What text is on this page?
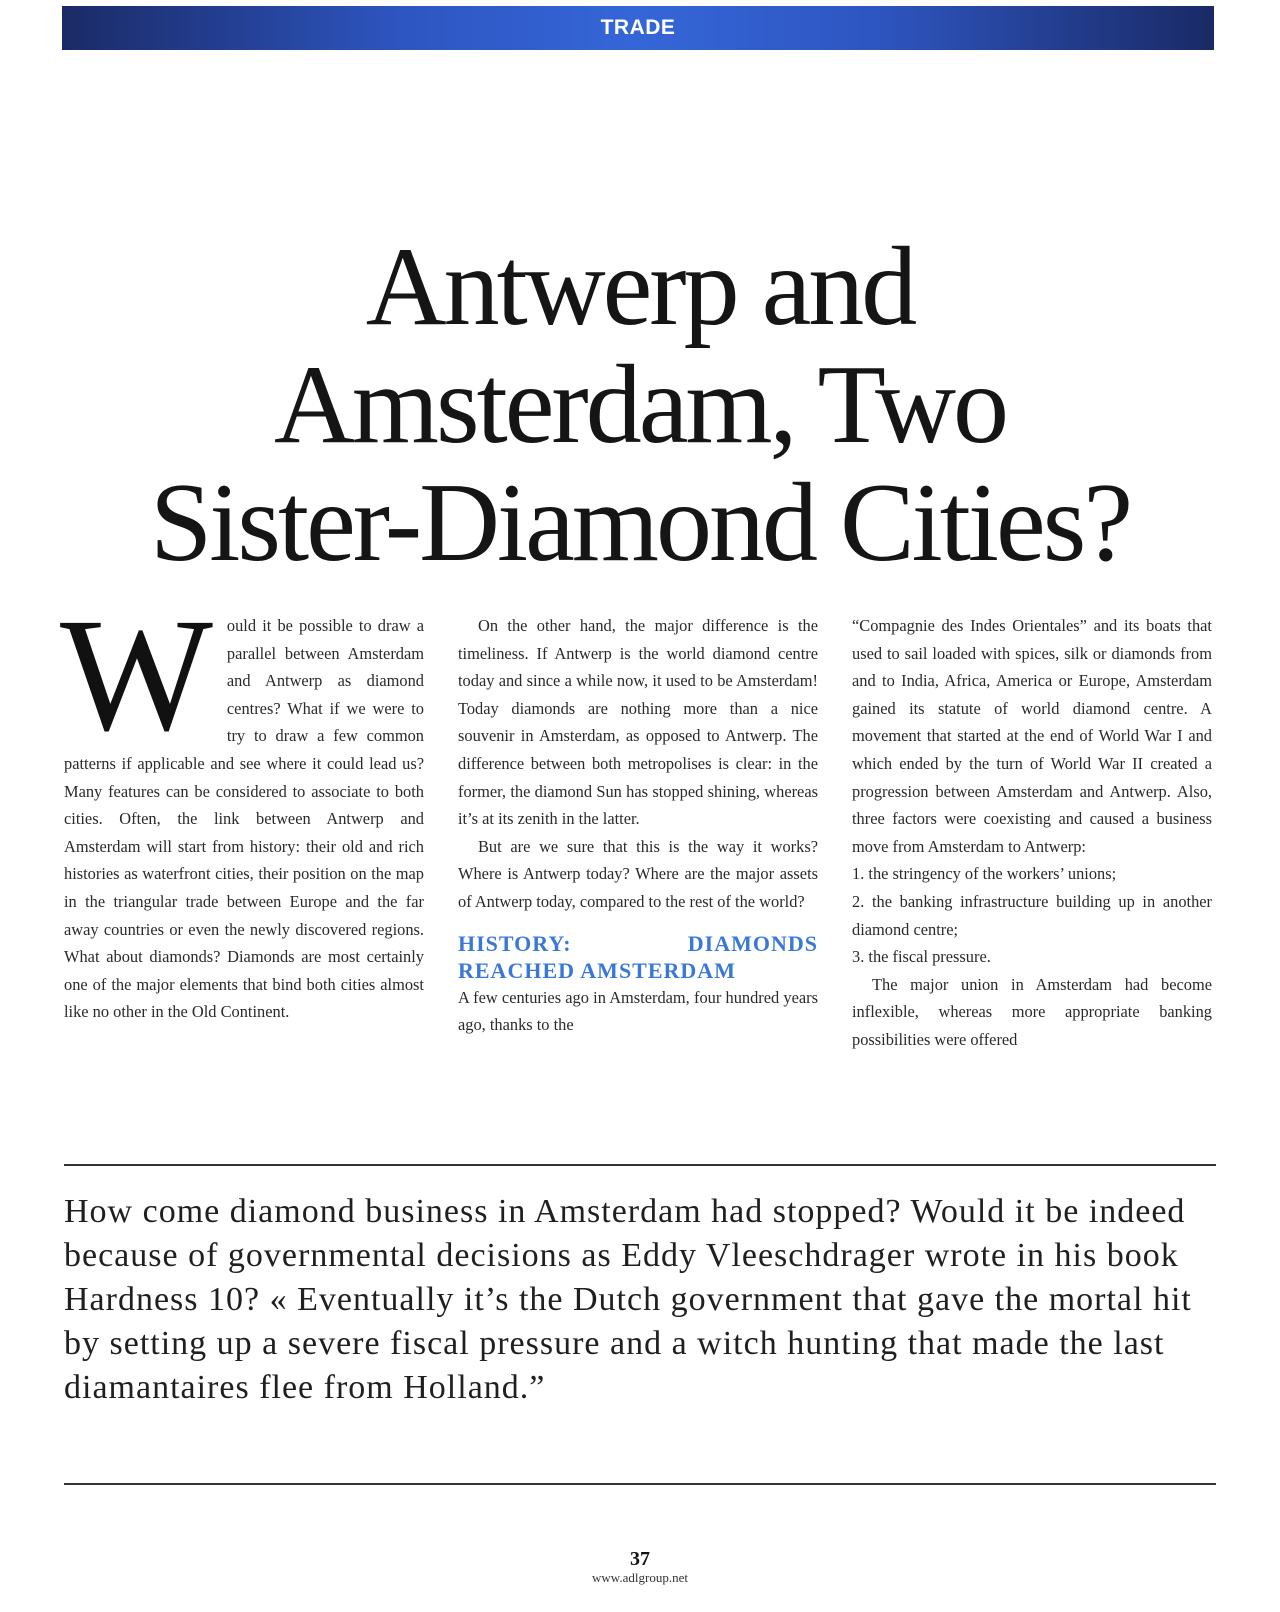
TRADE
Antwerp and
Amsterdam, Two
Sister-Diamond Cities?
W ould it be possible to draw a parallel between Amsterdam and Antwerp as diamond centres? What if we were to try to draw a few common patterns if applicable and see where it could lead us? Many features can be considered to associate to both cities. Often, the link between Antwerp and Amsterdam will start from history: their old and rich histories as waterfront cities, their position on the map in the triangular trade between Europe and the far away countries or even the newly discovered regions. What about diamonds? Diamonds are most certainly one of the major elements that bind both cities almost like no other in the Old Continent.

On the other hand, the major difference is the timeliness. If Antwerp is the world diamond centre today and since a while now, it used to be Amsterdam! Today diamonds are nothing more than a nice souvenir in Amsterdam, as opposed to Antwerp. The difference between both metropolises is clear: in the former, the diamond Sun has stopped shining, whereas it’s at its zenith in the latter.

But are we sure that this is the way it works? Where is Antwerp today? Where are the major assets of Antwerp today, compared to the rest of the world?

HISTORY: DIAMONDS REACHED AMSTERDAM

A few centuries ago in Amsterdam, four hundred years ago, thanks to the

“Compagnie des Indes Orientales” and its boats that used to sail loaded with spices, silk or diamonds from and to India, Africa, America or Europe, Amsterdam gained its statute of world diamond centre. A movement that started at the end of World War I and which ended by the turn of World War II created a progression between Amsterdam and Antwerp. Also, three factors were coexisting and caused a business move from Amsterdam to Antwerp:

1. the stringency of the workers’ unions;

2. the banking infrastructure building up in another diamond centre;

3. the fiscal pressure.

The major union in Amsterdam had become inflexible, whereas more appropriate banking possibilities were offered

How come diamond business in Amsterdam had stopped? Would it be indeed because of governmental decisions as Eddy Vleeschdrager wrote in his book Hardness 10? « Eventually it’s the Dutch government that gave the mortal hit by setting up a severe fiscal pressure and a witch hunting that made the last diamantaires flee from Holland.”

37
www.adlgroup.net
